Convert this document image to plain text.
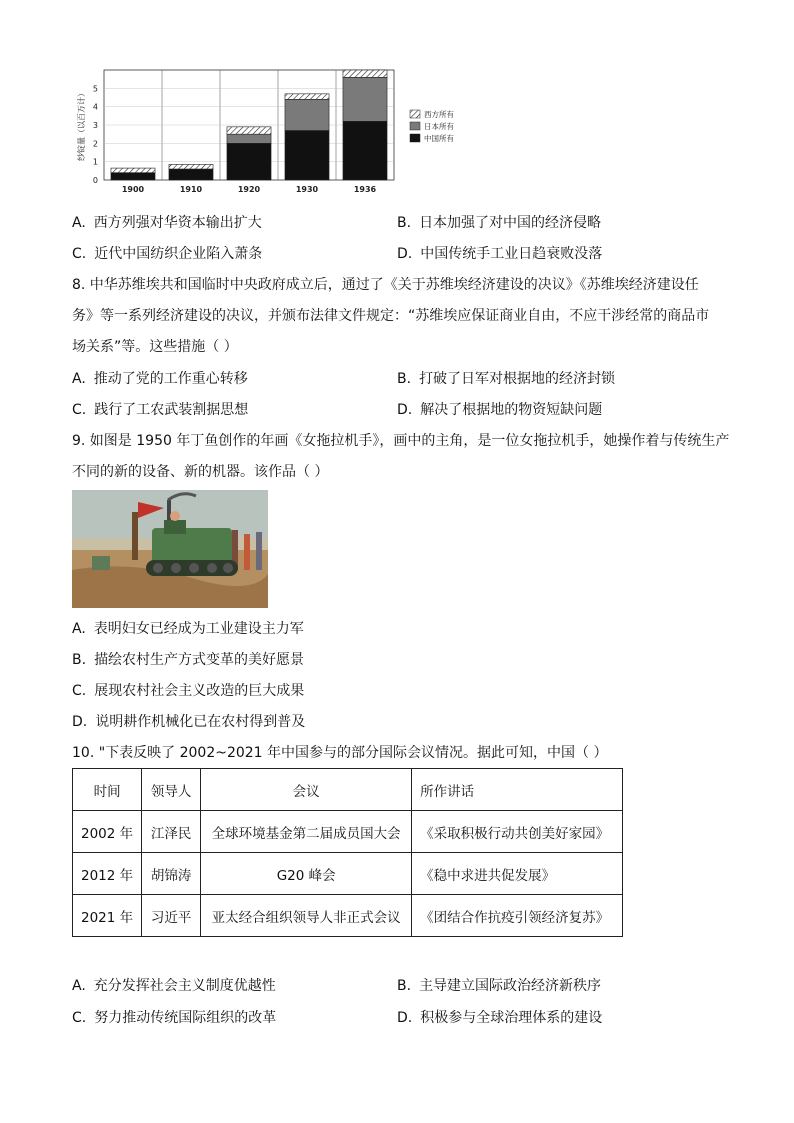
0
1
2
3
4
5
1900	1910	1920	1930	1936
纱锭量（以百万计）	西方所有
日本所有
中国所有
A. 西方列强对华资本输出扩大	B. 日本加强了对中国的经济侵略
C. 近代中国纺织企业陷入萧条	D. 中国传统手工业日趋衰败没落
8. 中华苏维埃共和国临时中央政府成立后，通过了《关于苏维埃经济建设的决议》《苏维埃经济建设任
务》等一系列经济建设的决议，并颁布法律文件规定：“苏维埃应保证商业自由，不应干涉经常的商品市
场关系”等。这些措施（ ）
A. 推动了党的工作重心转移	B. 打破了日军对根据地的经济封锁
C. 践行了工农武装割据思想	D. 解决了根据地的物资短缺问题
9. 如图是 1950 年丁鱼创作的年画《女拖拉机手》，画中的主角，是一位女拖拉机手，她操作着与传统生产
不同的新的设备、新的机器。该作品（ ）
A. 表明妇女已经成为工业建设主力军
B. 描绘农村生产方式变革的美好愿景
C. 展现农村社会主义改造的巨大成果
D. 说明耕作机械化已在农村得到普及
10. "下表反映了 2002~2021 年中国参与的部分国际会议情况。据此可知，中国（ ）
时间	领导人	会议	所作讲话
2002 年	江泽民	全球环境基金第二届成员国大会	《采取积极行动共创美好家园》
2012 年	胡锦涛	G20 峰会	《稳中求进共促发展》
2021 年	习近平	亚太经合组织领导人非正式会议	《团结合作抗疫引领经济复苏》
A. 充分发挥社会主义制度优越性	B. 主导建立国际政治经济新秩序
C. 努力推动传统国际组织的改革	D. 积极参与全球治理体系的建设
